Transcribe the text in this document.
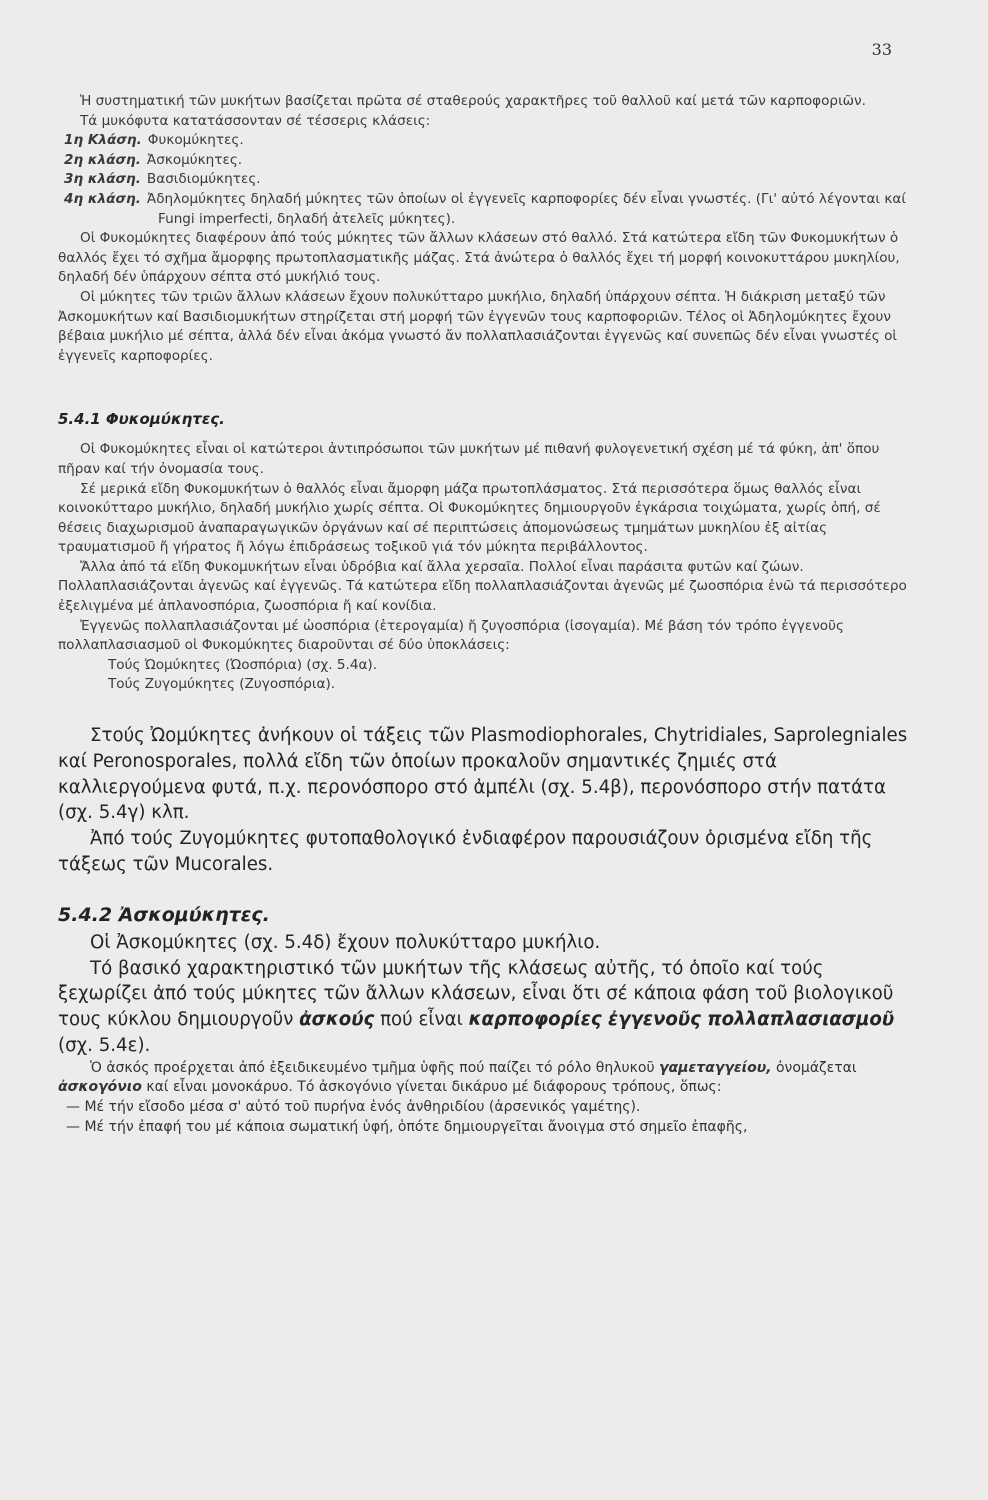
33

Ἡ συστηματική τῶν μυκήτων βασίζεται πρῶτα σέ σταθερούς χαρακτῆρες τοῦ θαλλοῦ καί μετά τῶν καρποφοριῶν.

Τά μυκόφυτα κατατάσσονταν σέ τέσσερις κλάσεις:

1η Κλάση. Φυκομύκητες.

2η κλάση. Ἀσκομύκητες.

3η κλάση. Βασιδιομύκητες.

4η κλάση. Ἀδηλομύκητες δηλαδή μύκητες τῶν ὁποίων οἱ ἐγγενεῖς καρποφορίες δέν εἶναι γνωστές. (Γι' αὐτό λέγονται καί Fungi imperfecti, δηλαδή ἀτελεῖς μύκητες).

Οἱ Φυκομύκητες διαφέρουν ἀπό τούς μύκητες τῶν ἄλλων κλάσεων στό θαλλό. Στά κατώτερα εἴδη τῶν Φυκομυκήτων ὁ θαλλός ἔχει τό σχῆμα ἄμορφης πρωτοπλασματικῆς μάζας. Στά ἀνώτερα ὁ θαλλός ἔχει τή μορφή κοινοκυττάρου μυκηλίου, δηλαδή δέν ὑπάρχουν σέπτα στό μυκήλιό τους.

Οἱ μύκητες τῶν τριῶν ἄλλων κλάσεων ἔχουν πολυκύτταρο μυκήλιο, δηλαδή ὑπάρχουν σέπτα. Ἡ διάκριση μεταξύ τῶν Ἀσκομυκήτων καί Βασιδιομυκήτων στηρίζεται στή μορφή τῶν ἐγγενῶν τους καρποφοριῶν. Τέλος οἱ Ἀδηλομύκητες ἔχουν βέβαια μυκήλιο μέ σέπτα, ἀλλά δέν εἶναι ἀκόμα γνωστό ἄν πολλαπλασιάζονται ἐγγενῶς καί συνεπῶς δέν εἶναι γνωστές οἱ ἐγγενεῖς καρποφορίες.

5.4.1 Φυκομύκητες.

Οἱ Φυκομύκητες εἶναι οἱ κατώτεροι ἀντιπρόσωποι τῶν μυκήτων μέ πιθανή φυλογενετική σχέση μέ τά φύκη, ἀπ' ὅπου πῆραν καί τήν ὀνομασία τους.

Σέ μερικά εἴδη Φυκομυκήτων ὁ θαλλός εἶναι ἄμορφη μάζα πρωτοπλάσματος. Στά περισσότερα ὅμως θαλλός εἶναι κοινοκύτταρο μυκήλιο, δηλαδή μυκήλιο χωρίς σέπτα. Οἱ Φυκομύκητες δημιουργοῦν ἐγκάρσια τοιχώματα, χωρίς ὀπή, σέ θέσεις διαχωρισμοῦ ἀναπαραγωγικῶν ὀργάνων καί σέ περιπτώσεις ἀπομονώσεως τμημάτων μυκηλίου ἐξ αἰτίας τραυματισμοῦ ἤ γήρατος ἤ λόγω ἐπιδράσεως τοξικοῦ γιά τόν μύκητα περιβάλλοντος.

Ἄλλα ἀπό τά εἴδη Φυκομυκήτων εἶναι ὑδρόβια καί ἄλλα χερσαῖα. Πολλοί εἶναι παράσιτα φυτῶν καί ζώων. Πολλαπλασιάζονται ἀγενῶς καί ἐγγενῶς. Τά κατώτερα εἴδη πολλαπλασιάζονται ἀγενῶς μέ ζωοσπόρια ἐνῶ τά περισσότερο ἐξελιγμένα μέ ἀπλανοσπόρια, ζωοσπόρια ἤ καί κονίδια.

Ἐγγενῶς πολλαπλασιάζονται μέ ὠοσπόρια (ἑτερογαμία) ἤ ζυγοσπόρια (ἰσογαμία). Μέ βάση τόν τρόπο ἐγγενοῦς πολλαπλασιασμοῦ οἱ Φυκομύκητες διαροῦνται σέ δύο ὑποκλάσεις:

Τούς Ὠομύκητες (Ὠοσπόρια) (σχ. 5.4α).

Τούς Ζυγομύκητες (Ζυγοσπόρια).

Στούς Ὠομύκητες ἀνήκουν οἱ τάξεις τῶν Plasmodiophorales, Chytridiales, Saprolegniales καί Peronosporales, πολλά εἴδη τῶν ὁποίων προκαλοῦν σημαντικές ζημιές στά καλλιεργούμενα φυτά, π.χ. περονόσπορο στό ἀμπέλι (σχ. 5.4β), περονόσπορο στήν πατάτα (σχ. 5.4γ) κλπ.

Ἀπό τούς Ζυγομύκητες φυτοπαθολογικό ἐνδιαφέρον παρουσιάζουν ὁρισμένα εἴδη τῆς τάξεως τῶν Mucorales.

5.4.2 Ἀσκομύκητες.

Οἱ Ἀσκομύκητες (σχ. 5.4δ) ἔχουν πολυκύτταρο μυκήλιο.

Τό βασικό χαρακτηριστικό τῶν μυκήτων τῆς κλάσεως αὐτῆς, τό ὁποῖο καί τούς ξεχωρίζει ἀπό τούς μύκητες τῶν ἄλλων κλάσεων, εἶναι ὅτι σέ κάποια φάση τοῦ βιολογικοῦ τους κύκλου δημιουργοῦν ἀσκούς πού εἶναι καρποφορίες ἐγγενοῦς πολλαπλασιασμοῦ (σχ. 5.4ε).

Ὁ ἀσκός προέρχεται ἀπό ἐξειδικευμένο τμῆμα ὑφῆς πού παίζει τό ρόλο θηλυκοῦ γαμεταγγείου, ὀνομάζεται ἀσκογόνιο καί εἶναι μονοκάρυο. Τό ἀσκογόνιο γίνεται δικάρυο μέ διάφορους τρόπους, ὅπως:

— Μέ τήν εἴσοδο μέσα σ' αὐτό τοῦ πυρήνα ἑνός ἀνθηριδίου (ἀρσενικός γαμέτης).

— Μέ τήν ἐπαφή του μέ κάποια σωματική ὑφή, ὁπότε δημιουργεῖται ἄνοιγμα στό σημεῖο ἐπαφῆς,
